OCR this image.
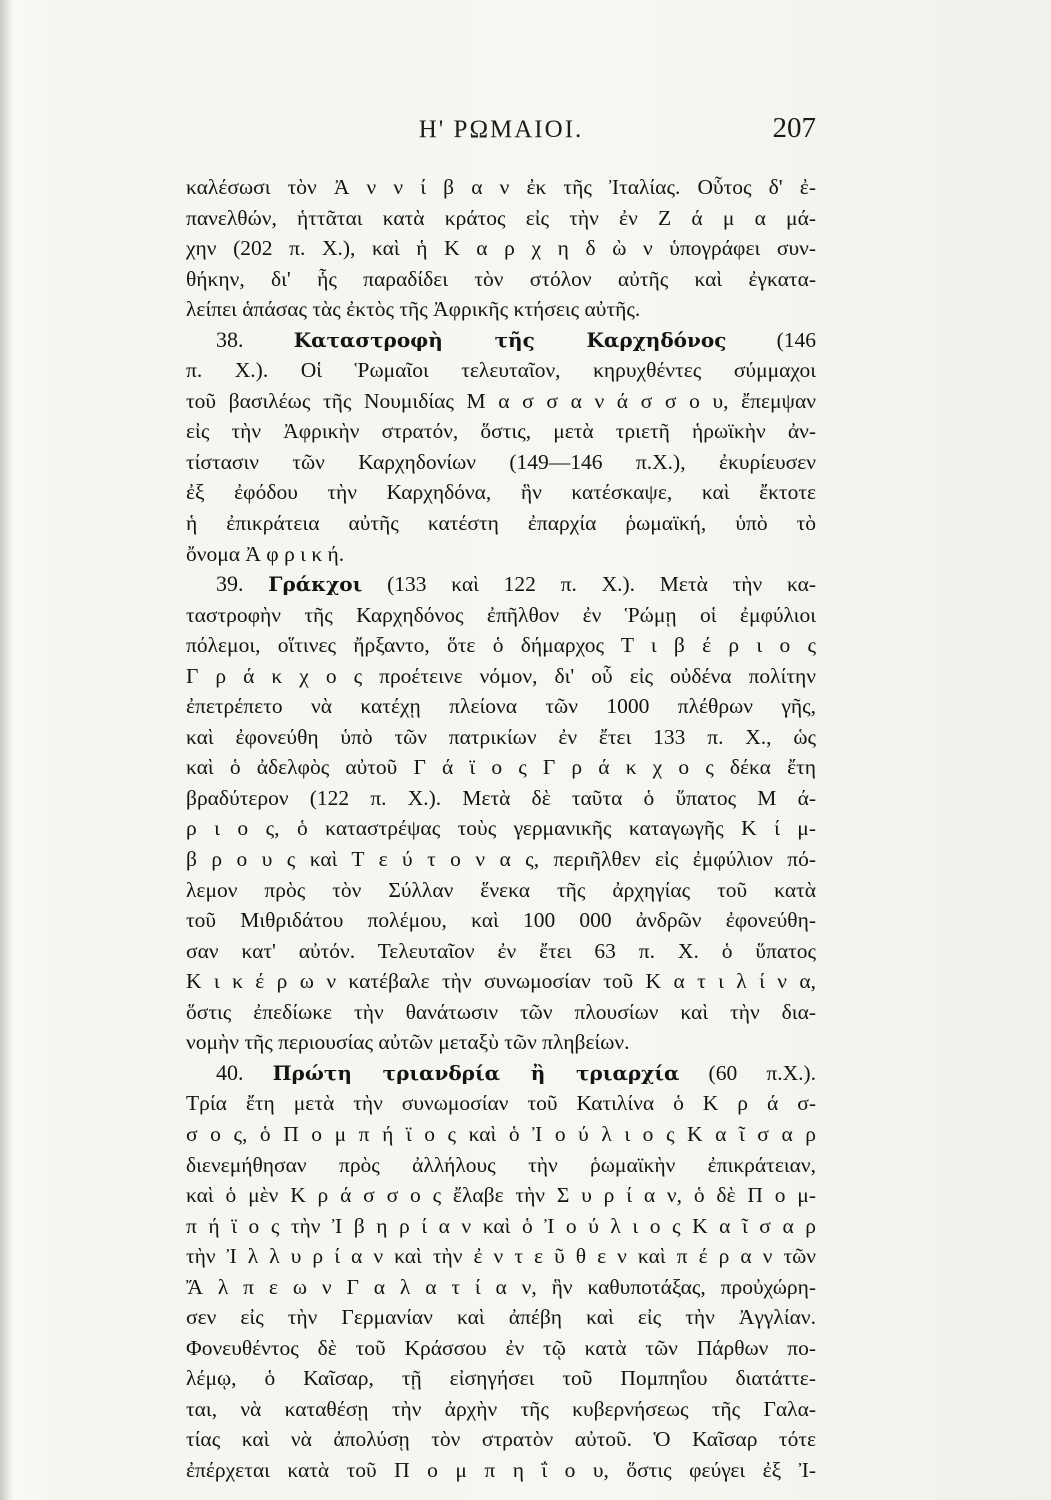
Η' ΡΩΜΑΙΟΙ.	207
καλέσωσι τὸν Ἀ ν ν ί β α ν ἐκ τῆς Ἰταλίας. Οὗτος δ' ἐ-
πανελθών, ἡττᾶται κατὰ κράτος εἰς τὴν ἐν Ζ ά μ α μά-
χην (202 π. Χ.), καὶ ἡ Κ α ρ χ η δ ὼ ν ὑπογράφει συν-
θήκην, δι' ἧς παραδίδει τὸν στόλον αὐτῆς καὶ ἐγκατα-
λείπει ἁπάσας τὰς ἐκτὸς τῆς Ἀφρικῆς κτήσεις αὐτῆς.
38.	Καταστροφὴ τῆς Καρχηδόνος (146
π. Χ.). Οἱ Ῥωμαῖοι τελευταῖον, κηρυχθέντες σύμμαχοι
τοῦ βασιλέως τῆς Νουμιδίας Μ α σ σ α ν ά σ σ ο υ, ἔπεμψαν
εἰς τὴν Ἀφρικὴν στρατόν, ὅστις, μετὰ τριετῆ ἡρωϊκὴν ἀν-
τίστασιν τῶν Καρχηδονίων (149—146 π.Χ.), ἐκυρίευσεν
ἐξ ἐφόδου τὴν Καρχηδόνα, ἣν κατέσκαψε, καὶ ἔκτοτε
ἡ ἐπικράτεια αὐτῆς κατέστη ἐπαρχία ῥωμαϊκή, ὑπὸ τὸ
ὄνομα Ἀ φ ρ ι κ ή.
39. Γράκχοι (133 καὶ 122 π. Χ.). Μετὰ τὴν κα-
ταστροφὴν τῆς Καρχηδόνος ἐπῆλθον ἐν Ῥώμῃ οἱ ἐμφύλιοι
πόλεμοι, οἵτινες ἤρξαντο, ὅτε ὁ δήμαρχος Τ ι β έ ρ ι ο ς
Γ ρ ά κ χ ο ς προέτεινε νόμον, δι' οὗ εἰς οὐδένα πολίτην
ἐπετρέπετο νὰ κατέχῃ πλείονα τῶν 1000 πλέθρων γῆς,
καὶ ἐφονεύθη ὑπὸ τῶν πατρικίων ἐν ἔτει 133 π. Χ., ὡς
καὶ ὁ ἀδελφὸς αὐτοῦ Γ ά ϊ ο ς Γ ρ ά κ χ ο ς δέκα ἔτη
βραδύτερον (122 π. Χ.). Μετὰ δὲ ταῦτα ὁ ὕπατος Μ ά-
ρ ι ο ς, ὁ καταστρέψας τοὺς γερμανικῆς καταγωγῆς Κ ί μ-
β ρ ο υ ς καὶ Τ ε ύ τ ο ν α ς, περιῆλθεν εἰς ἐμφύλιον πό-
λεμον πρὸς τὸν Σύλλαν ἕνεκα τῆς ἀρχηγίας τοῦ κατὰ
τοῦ Μιθριδάτου πολέμου, καὶ 100 000 ἀνδρῶν ἐφονεύθη-
σαν κατ' αὐτόν. Τελευταῖον ἐν ἔτει 63 π. Χ. ὁ ὕπατος
Κ ι κ έ ρ ω ν κατέβαλε τὴν συνωμοσίαν τοῦ Κ α τ ι λ ί ν α,
ὅστις ἐπεδίωκε τὴν θανάτωσιν τῶν πλουσίων καὶ τὴν δια-
νομὴν τῆς περιουσίας αὐτῶν μεταξὺ τῶν πληβείων.
40. Πρώτη τριανδρία ἢ τριαρχία (60 π.Χ.).
Τρία ἔτη μετὰ τὴν συνωμοσίαν τοῦ Κατιλίνα ὁ Κ ρ ά σ-
σ ο ς, ὁ Π ο μ π ή ϊ ο ς καὶ ὁ Ἰ ο ύ λ ι ο ς Κ α ῖ σ α ρ
διενεμήθησαν πρὸς ἀλλήλους τὴν ῥωμαϊκὴν ἐπικράτειαν,
καὶ ὁ μὲν Κ ρ ά σ σ ο ς ἔλαβε τὴν Σ υ ρ ί α ν, ὁ δὲ Π ο μ-
π ή ϊ ο ς τὴν Ἰ β η ρ ί α ν καὶ ὁ Ἰ ο ύ λ ι ο ς Κ α ῖ σ α ρ
τὴν Ἰ λ λ υ ρ ί α ν καὶ τὴν ἐ ν τ ε ῦ θ ε ν καὶ π έ ρ α ν τῶν
Ἄ λ π ε ω ν Γ α λ α τ ί α ν, ἣν καθυποτάξας, προὐχώρη-
σεν εἰς τὴν Γερμανίαν καὶ ἀπέβη καὶ εἰς τὴν Ἀγγλίαν.
Φονευθέντος δὲ τοῦ Κράσσου ἐν τῷ κατὰ τῶν Πάρθων πο-
λέμῳ, ὁ Καῖσαρ, τῇ εἰσηγήσει τοῦ Πομπηΐου διατάττε-
ται, νὰ καταθέσῃ τὴν ἀρχὴν τῆς κυβερνήσεως τῆς Γαλα-
τίας καὶ νὰ ἀπολύσῃ τὸν στρατὸν αὐτοῦ. Ὁ Καῖσαρ τότε
ἐπέρχεται κατὰ τοῦ Π ο μ π η ΐ ο υ, ὅστις φεύγει ἐξ Ἰ-
